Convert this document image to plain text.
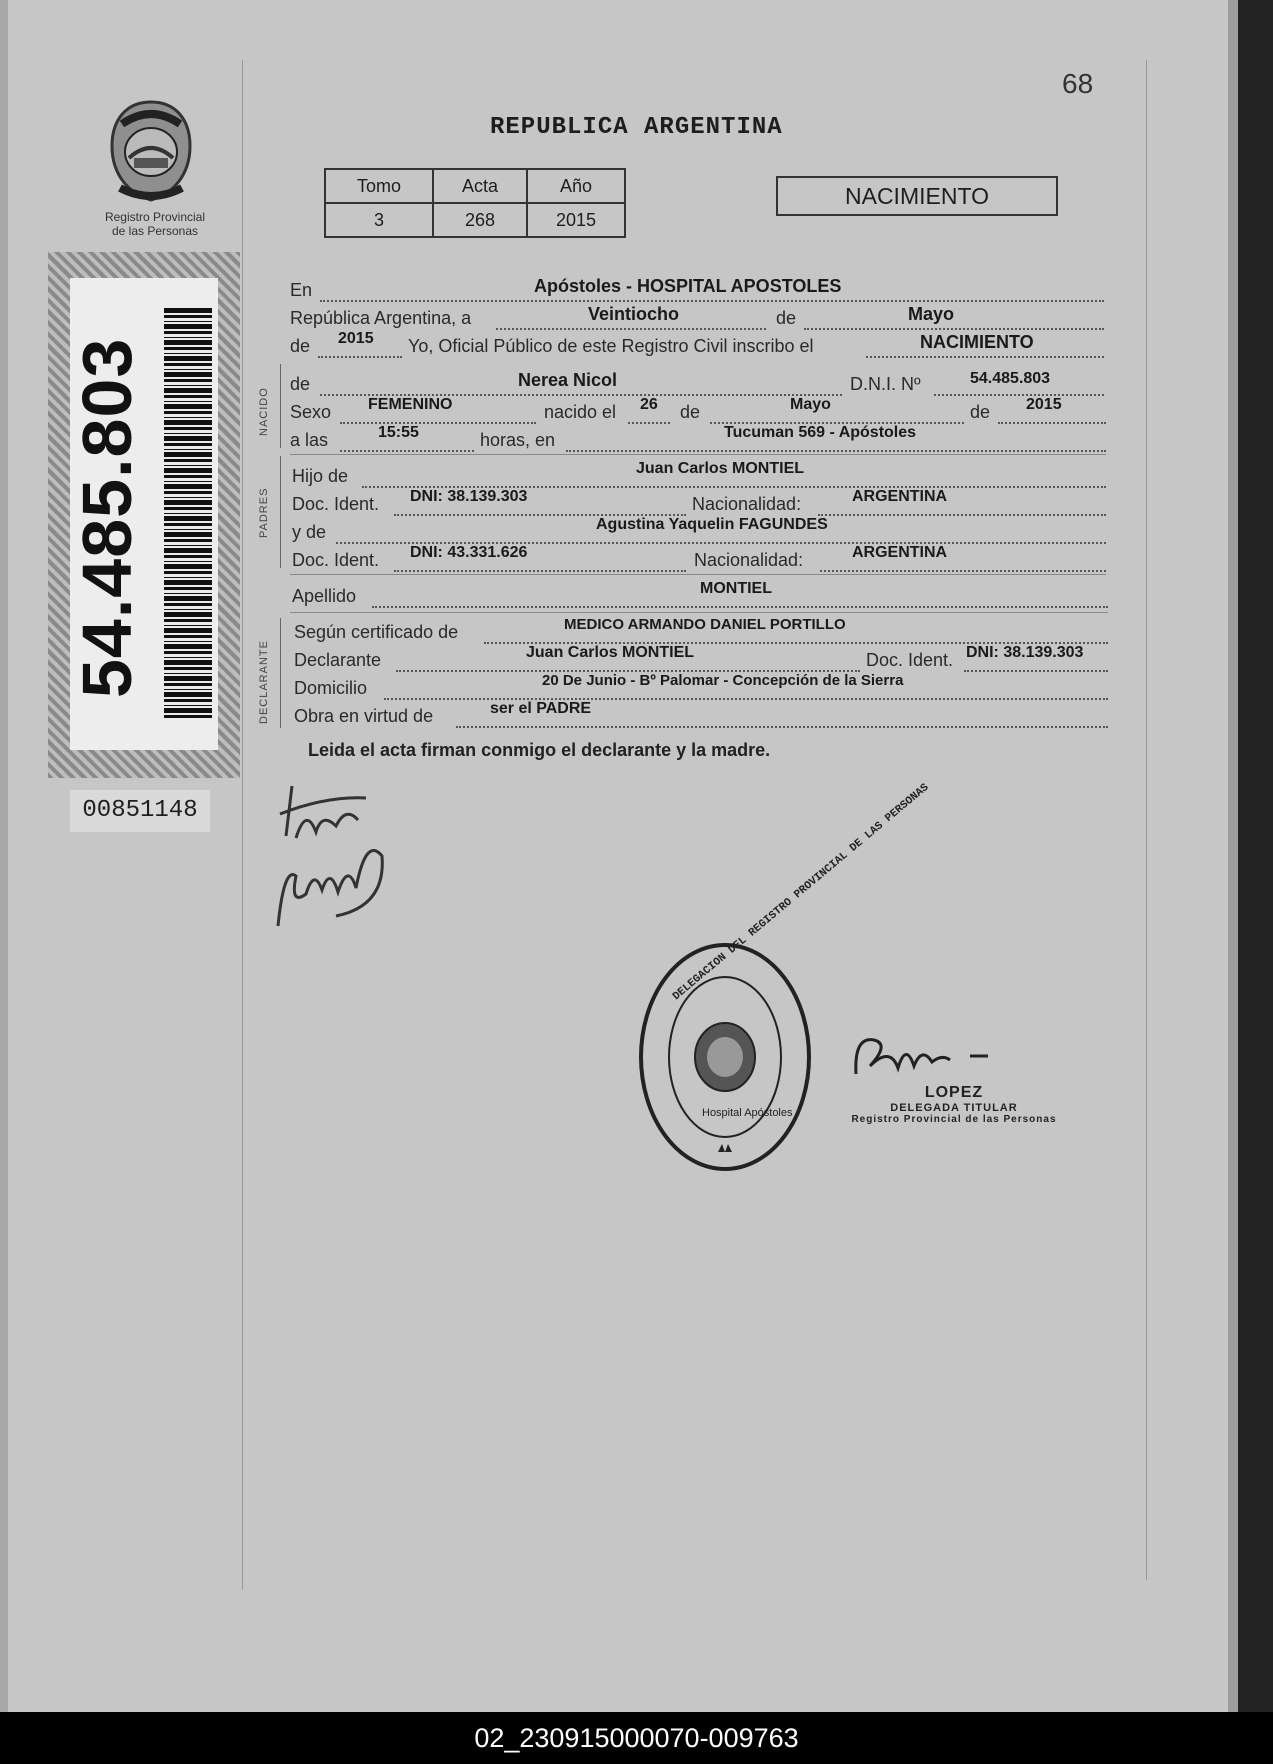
68
REPUBLICA ARGENTINA
Tomo	Acta	Año
3	268	2015
NACIMIENTO
Registro Provincial
de las Personas
54.485.803
00851148
NACIDO
PADRES
DECLARANTE
En	Apóstoles - HOSPITAL APOSTOLES
República Argentina, a	Veintiocho	de	Mayo
de 2015 Yo, Oficial Público de este Registro Civil inscribo el	NACIMIENTO
de	Nerea Nicol	D.N.I. Nº	54.485.803
Sexo FEMENINO	nacido el 26 de	Mayo	de 2015
a las	15:55	horas, en	Tucuman 569 - Apóstoles
Hijo de	Juan Carlos MONTIEL
Doc. Ident. DNI: 38.139.303	Nacionalidad:	ARGENTINA
y de	Agustina Yaquelin FAGUNDES
Doc. Ident. DNI: 43.331.626	Nacionalidad:	ARGENTINA
Apellido	MONTIEL
Según certificado de	MEDICO ARMANDO DANIEL PORTILLO
Declarante	Juan Carlos MONTIEL	Doc. Ident. DNI: 38.139.303
Domicilio	20 De Junio - Bº Palomar - Concepción de la Sierra
Obra en virtud de	ser el PADRE
Leida el acta firman conmigo el declarante y la madre.
DELEGACION DEL REGISTRO PROVINCIAL DE LAS PERSONAS
Hospital Apóstoles
LOPEZ
DELEGADA TITULAR
Registro Provincial de las Personas
02_230915000070-009763
